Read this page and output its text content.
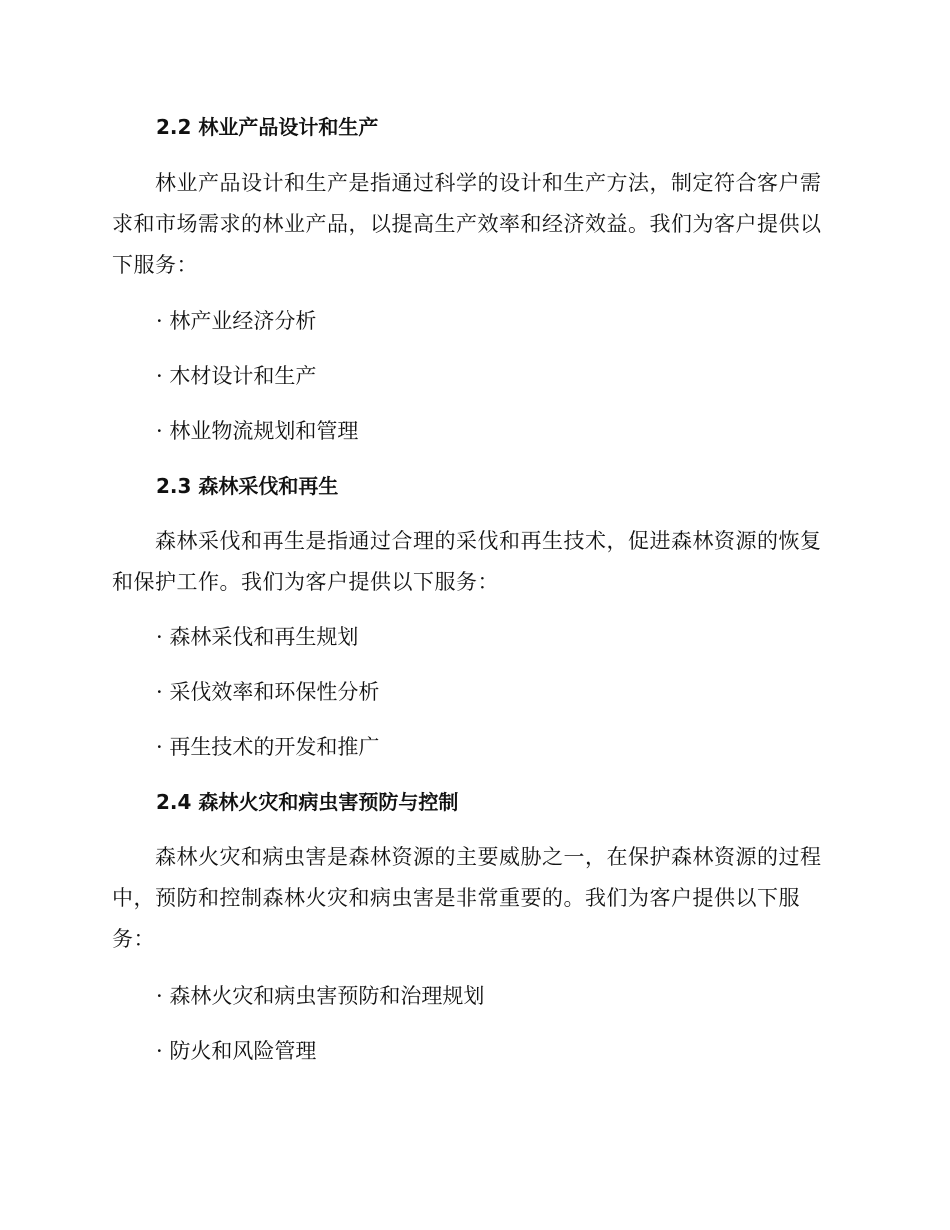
2.2 林业产品设计和生产
林业产品设计和生产是指通过科学的设计和生产方法，制定符合客户需求和市场需求的林业产品，以提高生产效率和经济效益。我们为客户提供以下服务：
· 林产业经济分析
· 木材设计和生产
· 林业物流规划和管理
2.3 森林采伐和再生
森林采伐和再生是指通过合理的采伐和再生技术，促进森林资源的恢复和保护工作。我们为客户提供以下服务：
· 森林采伐和再生规划
· 采伐效率和环保性分析
· 再生技术的开发和推广
2.4 森林火灾和病虫害预防与控制
森林火灾和病虫害是森林资源的主要威胁之一，在保护森林资源的过程中，预防和控制森林火灾和病虫害是非常重要的。我们为客户提供以下服务：
· 森林火灾和病虫害预防和治理规划
· 防火和风险管理
